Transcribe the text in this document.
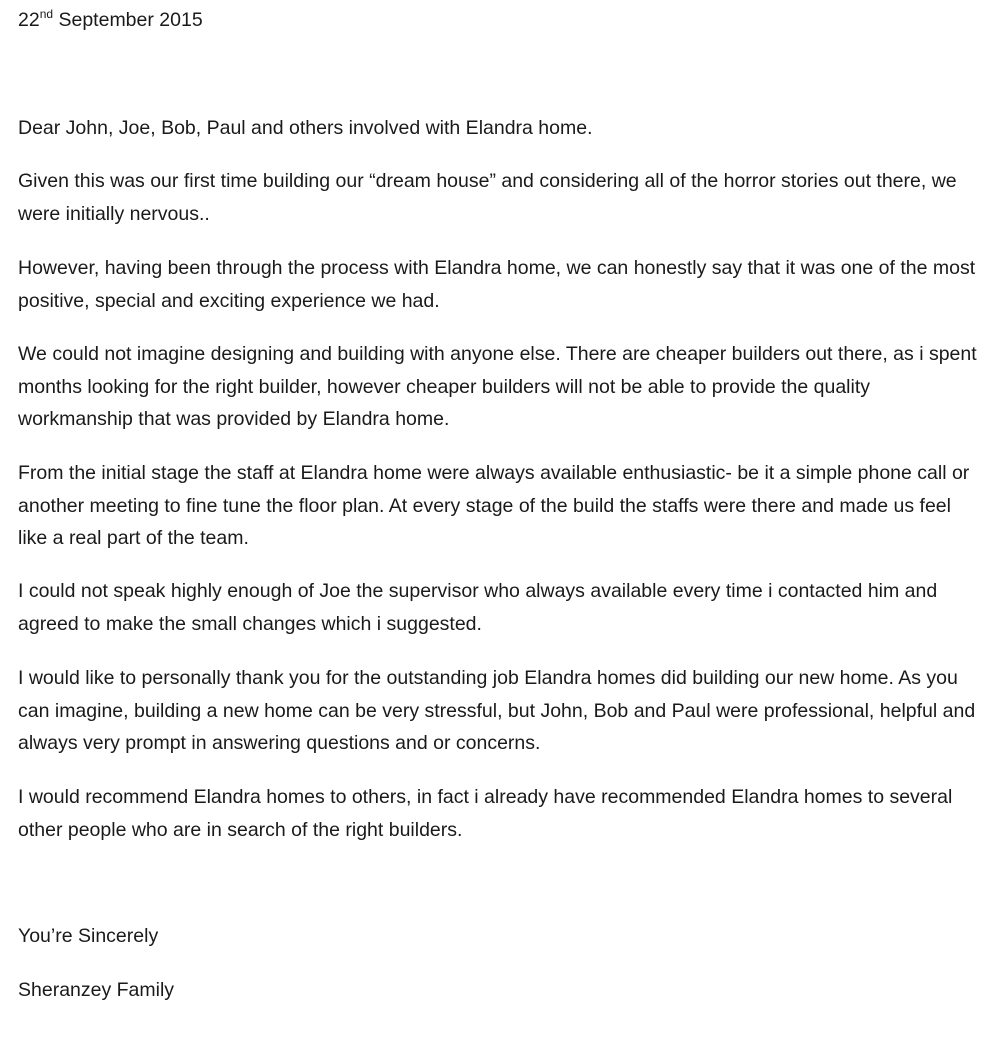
22nd September 2015
Dear John, Joe, Bob, Paul and others involved with Elandra home.

Given this was our first time building our “dream house” and considering all of the horror stories out there, we were initially nervous..

However, having been through the process with Elandra home, we can honestly say that it was one of the most positive, special and exciting experience we had.

We could not imagine designing and building with anyone else. There are cheaper builders out there, as i spent months looking for the right builder, however cheaper builders will not be able to provide the quality workmanship that was provided by Elandra home.

From the initial stage the staff at Elandra home were always available enthusiastic- be it a simple phone call or another meeting to fine tune the floor plan. At every stage of the build the staffs were there and made us feel like a real part of the team.

I could not speak highly enough of Joe the supervisor who always available every time i contacted him and agreed to make the small changes which i suggested.

I would like to personally thank you for the outstanding job Elandra homes did building our new home. As you can imagine, building a new home can be very stressful, but John, Bob and Paul were professional, helpful and always very prompt in answering questions and or concerns.

I would recommend Elandra homes to others, in fact i already have recommended Elandra homes to several other people who are in search of the right builders.

You’re Sincerely
Sheranzey Family
